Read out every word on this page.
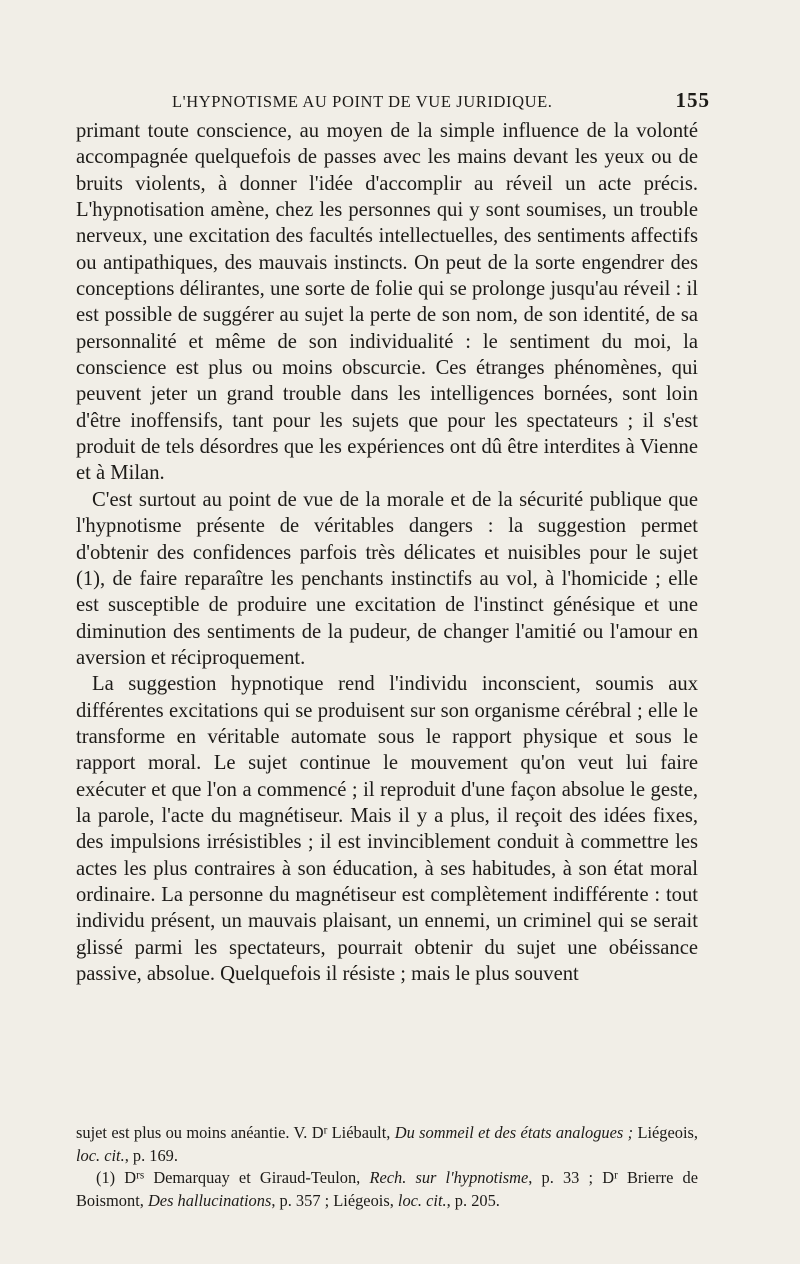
L'HYPNOTISME AU POINT DE VUE JURIDIQUE.	155

primant toute conscience, au moyen de la simple influence de la volonté accompagnée quelquefois de passes avec les mains devant les yeux ou de bruits violents, à donner l'idée d'accomplir au réveil un acte précis. L'hypnotisation amène, chez les personnes qui y sont soumises, un trouble nerveux, une excitation des facultés intellectuelles, des sentiments affectifs ou antipathiques, des mauvais instincts. On peut de la sorte engendrer des conceptions délirantes, une sorte de folie qui se prolonge jusqu'au réveil : il est possible de suggérer au sujet la perte de son nom, de son identité, de sa personnalité et même de son individualité : le sentiment du moi, la conscience est plus ou moins obscurcie. Ces étranges phénomènes, qui peuvent jeter un grand trouble dans les intelligences bornées, sont loin d'être inoffensifs, tant pour les sujets que pour les spectateurs ; il s'est produit de tels désordres que les expériences ont dû être interdites à Vienne et à Milan.

C'est surtout au point de vue de la morale et de la sécurité publique que l'hypnotisme présente de véritables dangers : la suggestion permet d'obtenir des confidences parfois très délicates et nuisibles pour le sujet (1), de faire reparaître les penchants instinctifs au vol, à l'homicide ; elle est susceptible de produire une excitation de l'instinct génésique et une diminution des sentiments de la pudeur, de changer l'amitié ou l'amour en aversion et réciproquement.

La suggestion hypnotique rend l'individu inconscient, soumis aux différentes excitations qui se produisent sur son organisme cérébral ; elle le transforme en véritable automate sous le rapport physique et sous le rapport moral. Le sujet continue le mouvement qu'on veut lui faire exécuter et que l'on a commencé ; il reproduit d'une façon absolue le geste, la parole, l'acte du magnétiseur. Mais il y a plus, il reçoit des idées fixes, des impulsions irrésistibles ; il est invinciblement conduit à commettre les actes les plus contraires à son éducation, à ses habitudes, à son état moral ordinaire. La personne du magnétiseur est complètement indifférente : tout individu présent, un mauvais plaisant, un ennemi, un criminel qui se serait glissé parmi les spectateurs, pourrait obtenir du sujet une obéissance passive, absolue. Quelquefois il résiste ; mais le plus souvent

sujet est plus ou moins anéantie. V. $D^r$ Liébault, Du sommeil et des états analogues ; Liégeois, loc. cit., p. 169.

(1) $D^{rs}$ Demarquay et Giraud-Teulon, Rech. sur l'hypnotisme, p. 33 ; $D^r$ Brierre de Boismont, Des hallucinations, p. 357 ; Liégeois, loc. cit., p. 205.
